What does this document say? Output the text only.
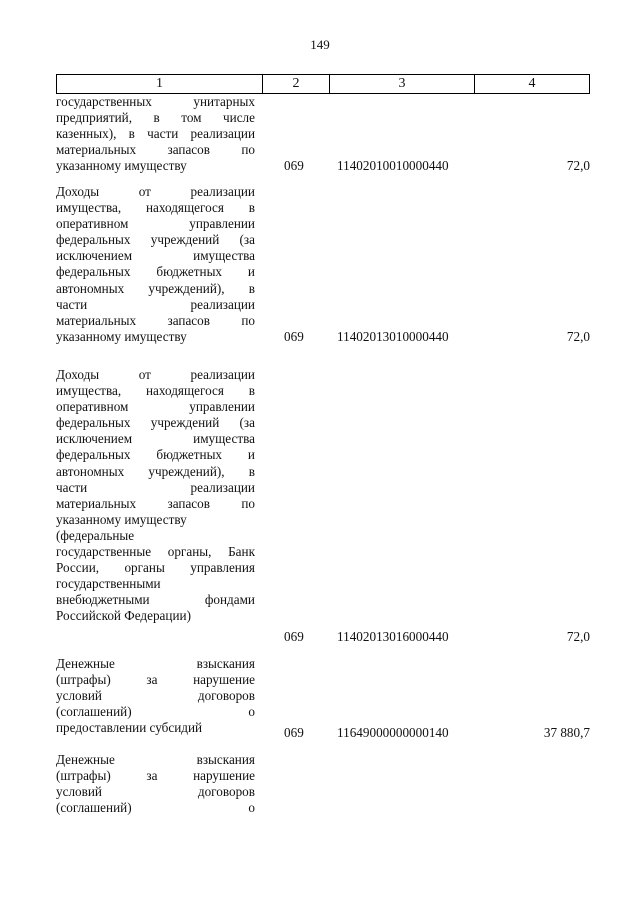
149
1	2	3	4
государственных унитарных
предприятий, в том числе
казенных), в части реализации
материальных запасов по
указанному имуществу	069	11402010010000440	72,0
Доходы от реализации
имущества, находящегося в
оперативном управлении
федеральных учреждений (за
исключением имущества
федеральных бюджетных и
автономных учреждений), в
части реализации
материальных запасов по
указанному имуществу	069	11402013010000440	72,0
Доходы от реализации
имущества, находящегося в
оперативном управлении
федеральных учреждений (за
исключением имущества
федеральных бюджетных и
автономных учреждений), в
части реализации
материальных запасов по
указанному имуществу
(федеральные
государственные органы, Банк
России, органы управления
государственными
внебюджетными фондами
Российской Федерации)
069	11402013016000440	72,0
Денежные взыскания
(штрафы) за нарушение
условий договоров
(соглашений) о
предоставлении субсидий	069	11649000000000140	37 880,7
Денежные взыскания
(штрафы) за нарушение
условий договоров
(соглашений) о
